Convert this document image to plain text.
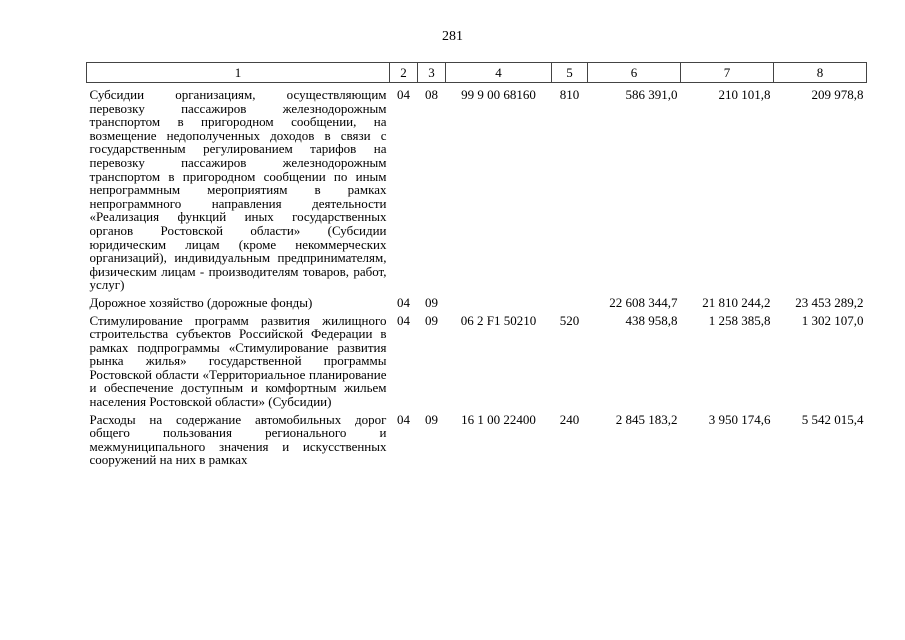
281
1	2	3	4	5	6	7	8
Субсидии организациям, осуществляющим перевозку пассажиров железнодорожным транспортом в пригородном сообщении, на возмещение недополученных доходов в связи с государственным регулированием тарифов на перевозку пассажиров железнодорожным транспортом в пригородном сообщении по иным непрограммным мероприятиям в рамках непрограммного направления деятельности «Реализация функций иных государственных органов Ростовской области» (Субсидии юридическим лицам (кроме некоммерческих организаций), индивидуальным предпринимателям, физическим лицам - производителям товаров, работ, услуг)	04	08	99 9 00 68160	810	586 391,0	210 101,8	209 978,8
Дорожное хозяйство (дорожные фонды)	04	09			22 608 344,7	21 810 244,2	23 453 289,2
Стимулирование программ развития жилищного строительства субъектов Российской Федерации в рамках подпрограммы «Стимулирование развития рынка жилья» государственной программы Ростовской области «Территориальное планирование и обеспечение доступным и комфортным жильем населения Ростовской области» (Субсидии)	04	09	06 2 F1 50210	520	438 958,8	1 258 385,8	1 302 107,0
Расходы на содержание автомобильных дорог общего пользования регионального и межмуниципального значения и искусственных сооружений на них в рамках	04	09	16 1 00 22400	240	2 845 183,2	3 950 174,6	5 542 015,4
